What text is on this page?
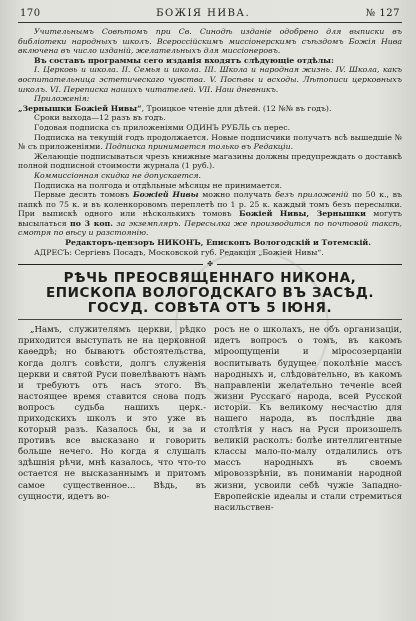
170	БОЖІЯ НИВА.	№ 127

Учительнымъ Совѣтомъ при Св. Синодѣ изданіе одобрено для выписки въ библіотеки народныхъ школъ. Всероссійскимъ миссіонерскимъ съѣздомъ Божія Нива включена въ число изданій, желательныхъ для миссіонеровъ.

Въ составъ программы сего изданія входятъ слѣдующіе отдѣлы:

I. Церковь и школа. II. Семья и школа. III. Школа и народная жизнь. IV. Школа, какъ воспитательница эстетическаго чувства. V. Посѣвы и всходы. Лѣтописи церковныхъ школъ. VI. Переписка нашихъ читателей. VII. Наш дневникъ.

Приложенія:
„Зернышки Божіей Нивы“, Троицкое чтеніе для дѣтей. (12 №№ въ годъ).

Сроки выхода—12 разъ въ годъ.

Годовая подписка съ приложеніями ОДИНЪ РУБЛЬ съ перес.

Подписка на текущій годъ продолжается. Новые подписчики получатъ всѣ вышедшіе №№ съ приложеніями. Подписка принимается только въ Редакціи.

Желающіе подписываться чрезъ книжные магазины должны предупреждать о доставкѣ полной подписной стоимости журнала (1 руб.).

Коммиссіонная скидка не допускается.

Подписка на полгода и отдѣльные мѣсяцы не принимается.

Первые десять томовъ Божіей Нивы можно получать безъ приложеній по 50 к., въ папкѣ по 75 к. и въ коленкоровомъ переплетѣ по 1 р. 25 к. каждый томъ безъ пересылки. При выпискѣ одного или нѣсколькихъ томовъ Божіей Нивы, Зернышки могутъ высылаться по 3 коп. за экземпляръ. Пересылка же производится по почтовой таксѣ, смотря по вѣсу и разстоянію.

Редакторъ-цензоръ НИКОНЪ, Епископъ Вологодскій и Тотемскій.

АДРЕСЪ: Сергіевъ Посадъ, Московской губ. Редакція „Божіей Нивы“.

✤
РѢЧЬ ПРЕОСВЯЩЕННАГО НИКОНА, ЕПИСКОПА ВОЛОГОДСКАГО ВЪ ЗАСѢД. ГОСУД. СОВѢТА ОТЪ 5 ІЮНЯ.

„Намъ, служителямъ церкви, рѣдко приходится выступать не на церковной каѳедрѣ; но бываютъ обстоятельства, когда долгъ совѣсти, долгъ служенія церкви и святой Руси повелѣваютъ намъ и требуютъ отъ насъ этого. Въ настоящее время ставится снова подъ вопросъ судьба нашихъ церк.-приходскихъ школъ и это уже въ который разъ. Казалось бы, и за и противъ все высказано и говорить больше нечего. Но когда я слушалъ здѣшнія рѣчи, мнѣ казалось, что что-то остается не высказаннымъ и притомъ самое существенное... Вѣдь, въ сущности, идетъ во-

росъ не о школахъ, не объ организаціи, идетъ вопросъ о томъ, въ какомъ міроощущеніи и міросозерцаніи воспитывать будущее поколѣніе массъ народныхъ и, слѣдовательно, въ какомъ направленіи желательно теченіе всей жизни Русскаго народа, всей Русской исторіи. Къ великому несчастію для нашего народа, въ послѣдніе два столѣтія у насъ на Руси произошелъ великій расколъ: болѣе интеллигентные классы мало-по-малу отдалились отъ массъ народныхъ въ своемъ міровоззрѣніи, въ пониманіи народной жизни, усвоили себѣ чужіе Западно-Европейскіе идеалы и стали стремиться насильствен-
